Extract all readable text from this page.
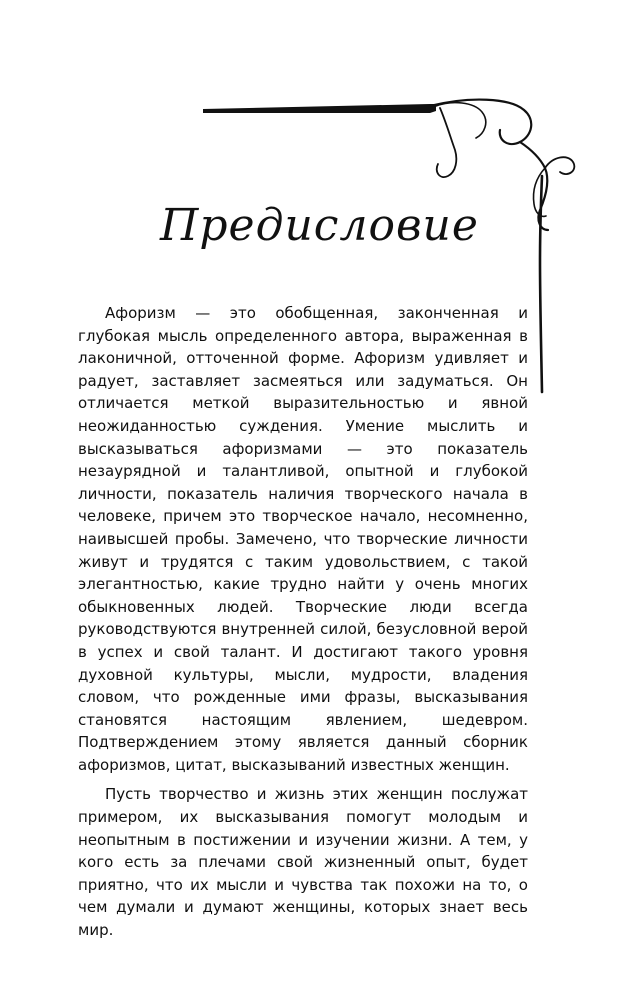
Предисловие

Афоризм — это обобщенная, законченная и глубокая мысль определенного автора, выраженная в лаконичной, отточенной форме. Афоризм удивляет и радует, заставляет засмеяться или задуматься. Он отличается меткой выразительностью и явной неожиданностью суждения. Умение мыслить и высказываться афоризмами — это показатель незаурядной и талантливой, опытной и глубокой личности, показатель наличия творческого начала в человеке, причем это творческое начало, несомненно, наивысшей пробы. Замечено, что творческие личности живут и трудятся с таким удовольствием, с такой элегантностью, какие трудно найти у очень многих обыкновенных людей. Творческие люди всегда руководствуются внутренней силой, безусловной верой в успех и свой талант. И достигают такого уровня духовной культуры, мысли, мудрости, владения словом, что рожденные ими фразы, высказывания становятся настоящим явлением, шедевром. Подтверждением этому является данный сборник афоризмов, цитат, высказываний известных женщин.

Пусть творчество и жизнь этих женщин послужат примером, их высказывания помогут молодым и неопытным в постижении и изучении жизни. А тем, у кого есть за плечами свой жизненный опыт, будет приятно, что их мысли и чувства так похожи на то, о чем думали и думают женщины, которых знает весь мир.
